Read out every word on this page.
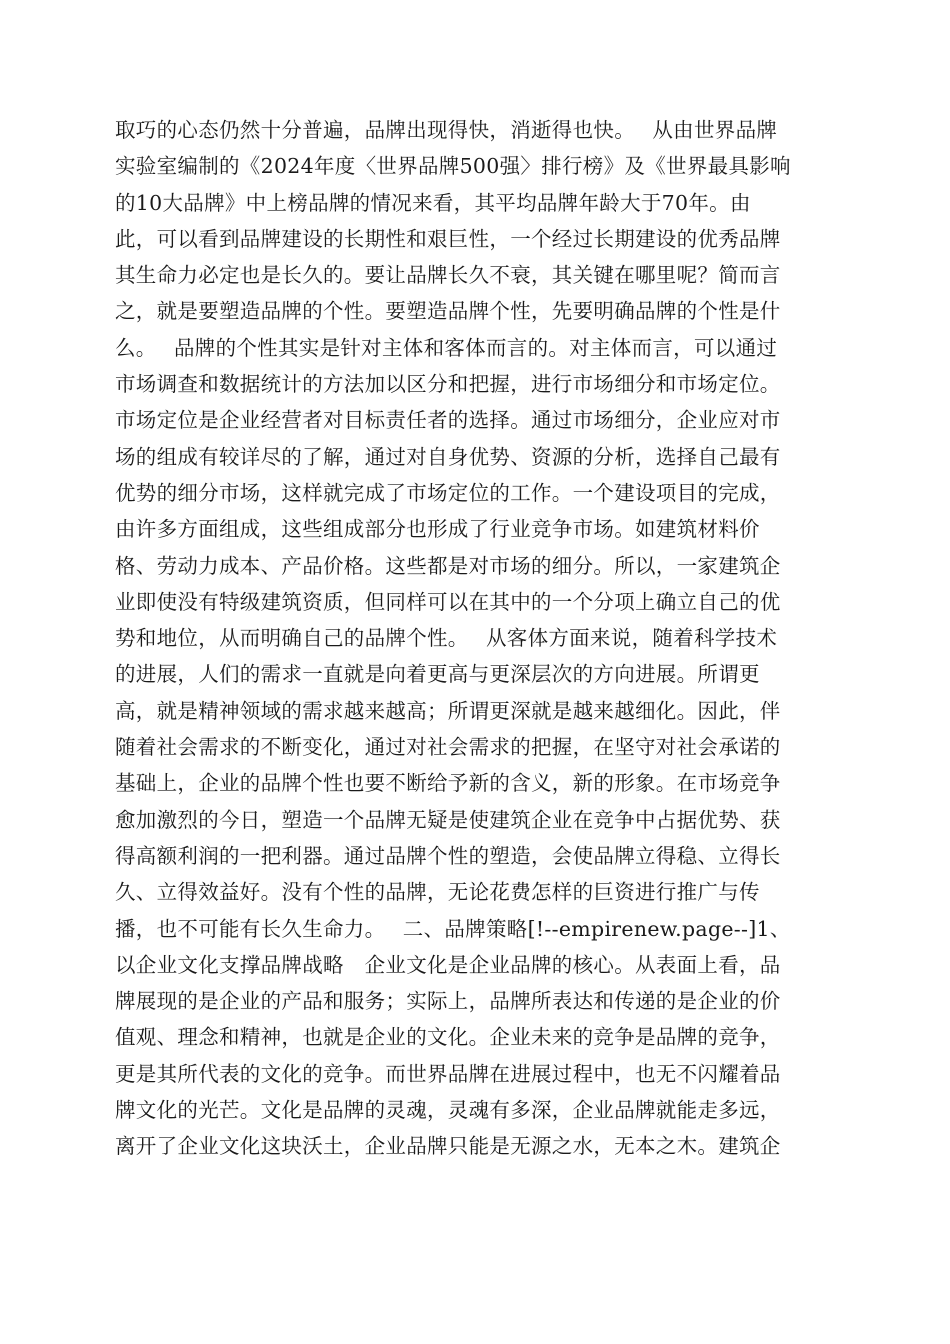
取巧的心态仍然十分普遍，品牌出现得快，消逝得也快。　 从由世界品牌
实验室编制的《2024年度〈世界品牌500强〉排行榜》及《世界最具影响
的10大品牌》中上榜品牌的情况来看，其平均品牌年龄大于70年。由
此，可以看到品牌建设的长期性和艰巨性，一个经过长期建设的优秀品牌
其生命力必定也是长久的。要让品牌长久不衰，其关键在哪里呢？简而言
之，就是要塑造品牌的个性。要塑造品牌个性，先要明确品牌的个性是什
么。　 品牌的个性其实是针对主体和客体而言的。对主体而言，可以通过
市场调查和数据统计的方法加以区分和把握，进行市场细分和市场定位。
市场定位是企业经营者对目标责任者的选择。通过市场细分，企业应对市
场的组成有较详尽的了解，通过对自身优势、资源的分析，选择自己最有
优势的细分市场，这样就完成了市场定位的工作。一个建设项目的完成，
由许多方面组成，这些组成部分也形成了行业竞争市场。如建筑材料价
格、劳动力成本、产品价格。这些都是对市场的细分。所以，一家建筑企
业即使没有特级建筑资质，但同样可以在其中的一个分项上确立自己的优
势和地位，从而明确自己的品牌个性。　 从客体方面来说，随着科学技术
的进展，人们的需求一直就是向着更高与更深层次的方向进展。所谓更
高，就是精神领域的需求越来越高；所谓更深就是越来越细化。因此，伴
随着社会需求的不断变化，通过对社会需求的把握，在坚守对社会承诺的
基础上，企业的品牌个性也要不断给予新的含义，新的形象。在市场竞争
愈加激烈的今日，塑造一个品牌无疑是使建筑企业在竞争中占据优势、获
得高额利润的一把利器。通过品牌个性的塑造，会使品牌立得稳、立得长
久、立得效益好。没有个性的品牌，无论花费怎样的巨资进行推广与传
播，也不可能有长久生命力。　 二、品牌策略[!--empirenew.page--]1、
以企业文化支撑品牌战略　企业文化是企业品牌的核心。从表面上看，品
牌展现的是企业的产品和服务；实际上，品牌所表达和传递的是企业的价
值观、理念和精神，也就是企业的文化。企业未来的竞争是品牌的竞争，
更是其所代表的文化的竞争。而世界品牌在进展过程中，也无不闪耀着品
牌文化的光芒。文化是品牌的灵魂，灵魂有多深，企业品牌就能走多远，
离开了企业文化这块沃土，企业品牌只能是无源之水，无本之木。建筑企
